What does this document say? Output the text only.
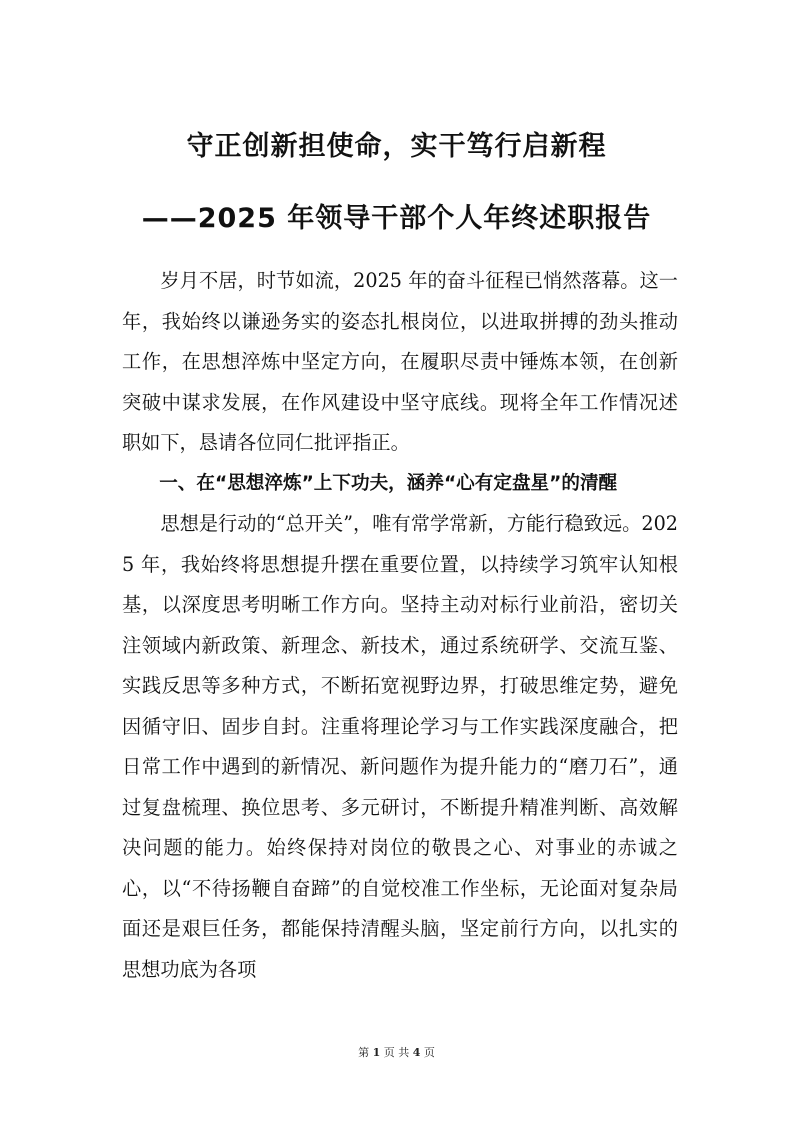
守正创新担使命，实干笃行启新程
——2025 年领导干部个人年终述职报告

岁月不居，时节如流，2025 年的奋斗征程已悄然落幕。这一年，我始终以谦逊务实的姿态扎根岗位，以进取拼搏的劲头推动工作，在思想淬炼中坚定方向，在履职尽责中锤炼本领，在创新突破中谋求发展，在作风建设中坚守底线。现将全年工作情况述职如下，恳请各位同仁批评指正。

一、在“思想淬炼”上下功夫，涵养“心有定盘星”的清醒

思想是行动的“总开关”，唯有常学常新，方能行稳致远。2025 年，我始终将思想提升摆在重要位置，以持续学习筑牢认知根基，以深度思考明晰工作方向。坚持主动对标行业前沿，密切关注领域内新政策、新理念、新技术，通过系统研学、交流互鉴、实践反思等多种方式，不断拓宽视野边界，打破思维定势，避免因循守旧、固步自封。注重将理论学习与工作实践深度融合，把日常工作中遇到的新情况、新问题作为提升能力的“磨刀石”，通过复盘梳理、换位思考、多元研讨，不断提升精准判断、高效解决问题的能力。始终保持对岗位的敬畏之心、对事业的赤诚之心，以“不待扬鞭自奋蹄”的自觉校准工作坐标，无论面对复杂局面还是艰巨任务，都能保持清醒头脑，坚定前行方向，以扎实的思想功底为各项

第 1 页 共 4 页
